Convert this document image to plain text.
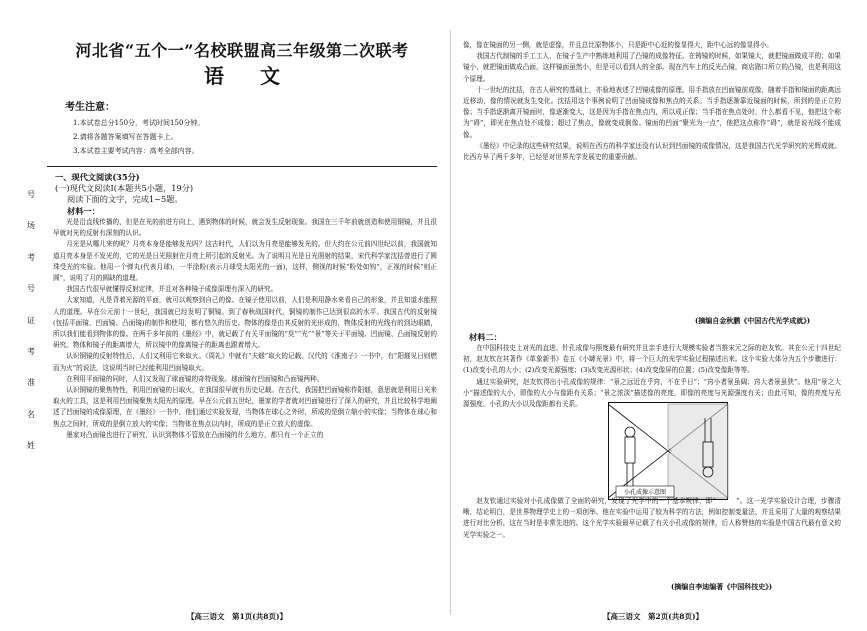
号
场
考
号
证
考
准
名
姓
河北省“五个一”名校联盟高三年级第二次联考
语文
考生注意：
1.本试卷总分150分，考试时间150分钟。
2.请将各题答案填写在答题卡上。
3.本试卷主要考试内容：高考全部内容。
一、现代文阅读(35分)
(一)现代文阅读Ⅰ(本题共5小题，19分)
阅读下面的文字，完成1~5题。
材料一：

光是沿直线传播的，但是在光的前进方向上，遇到物体的时候，就会发生反射现象。我国在三千年前就创造和使用铜镜，并且很早就对光的反射有深刻的认识。

月光是从哪儿来的呢？月亮本身是能够发光吗？这古时代，人们以为月亮是能够发光的。但大约在公元前四世纪以前，我国就知道月亮本身是不发光的，它的光是日光照射在月亮上所引起的反射光。为了说明月光是日光照射的结果，宋代科学家沈括曾进行了圆珠受光的实验。他用一个弹丸(代表月球)，一半涂粉(表示月球受太阳光的一面)，这样，侧视的时候“粉处如钩”，正视的时候“则正圆”，说明了月的圆缺的道理。

我国古代很早就懂得反射定律，并且对各种镜子成像原理有深入的研究。

大家知道，凡是背着光源的平面，就可以观察到自己的像。在镜子使用以前，人们是利用静水来看自己的形象，并且知道水能照人的道理。早在公元前十一世纪，我国就已经发明了铜镜。到了春秋战国时代，铜镜的制作已达到很高的水平。我国古代的反射镜(包括平面镜、凹面镜、凸面镜)的制作和使用，都有悠久的历史。物体的像是由其反射的光形成的，物体反射的光线有的到达眼睛，所以我们能看到物体的像。在两千多年前的《墨经》中，就记载了有关平面镜的“臭”“光”“景”等关于平面镜、凹面镜、凸面镜反射的研究。物体和镜子的距离增大，所以镜中的像离镜子的距离也跟着增大。

认识铜镜的反射特性后，人们又利用它来取火。《周礼》中就有“夫燧”取火的记载。汉代的《淮南子》一书中，有“阳燧见日则燃而为火”的说法，这说明当时已经能利用凹面镜取火。

在利用平面镜的同时，人们又发现了球面镜的奇特现象。球面镜有凹面镜和凸面镜两种。

认识铜镜的聚焦特性，利用凹面镜的日取火，在我国很早就有历史记载。在古代，我国把凹面镜称作阳燧，意思就是利用日光来取火的工具，这是利用凹面镜聚焦太阳光的原理。早在公元前五世纪，墨家的学者就对凹面镜进行了深入的研究，并且比较科学地阐述了凹面镜的成像原理，在《墨经》一书中，他们通过实验发现，当物体在球心之外时，所成的是倒立缩小的实像；当物体在球心和焦点之间时，所成的是倒立放大的实像；当物体在焦点以内时，所成的是正立放大的虚像。

墨家对凸面镜也进行了研究，认识到物体不管放在凸面镜的什么地方，都只有一个正立的

【高三语文　第1页(共8页)】

像，像在镜面的另一侧，就是虚像，并且总比原物体小，只是距中心近的像显得大，距中心远的像显得小。

我国古代制镜的手工工人，在镜子生产中熟练地利用了凸镜的成像特征。在铸镜的时候，如果镜大，就把镜面做成平的；如果镜小，就把镜面做成凸面，这样镜面虽然小，但是可以看到人的全部。现在汽车上的反光凸镜，商店路口所立的凸镜，也是利用这个原理。

十一世纪的沈括，在古人研究的基础上，亦验地表述了凹镜成像的原理。用手指放在凹面镜前成像，随着手指和镜面的距离远近移动，像的情况就发生变化。沈括用这个事例说明了凹面镜成像和焦点的关系。当手指逐渐靠近镜面的时候，所到的是正立的像；当手指逐渐离开镜面时，像逐渐变大，这是因为手指在焦点内，所以成正像；当手指在焦点处时，什么都看不见，他把这个称为“碍”，即光在焦点处不成像；超过了焦点，像就变成倒像。镜面的凹面“聚光为一点”，他把这点称作“碍”，就是说光线不能成像。

《墨经》中记录的这些研究结果，说明在西方的科学家还没有认识到凹面镜的成像情况，这是我国古代光学研究的光辉成就。比西方早了两千多年，已经是对世界光学发展史的重要贡献。

(摘编自金秋鹏《中国古代光学成就》)
材料二：

在中国科技史上对光的直进、针孔成像与照度最有研究并且亲手进行大规模实验者当推宋元之际的赵友钦。其在公元十四世纪初，赵友钦在其著作《革象新书》卷五《小罅光景》中，将一个巨大的光学实验过程描述出来。这个实验大体分为五个步骤进行：(1)改变小孔的大小；(2)改变光源强度；(3)改变光源形状；(4)改变像屏的位置；(5)改变像距等等。

通过实验研究，赵友钦得出小孔成像的规律：“景之远近在乎窍，不在乎日”；“窍小者景虽阔；窍大者景虽狭”。他用“景之大小”描述像的大小，即像的大小与像距有关系；“景之浓淡”描述像的亮度，即像的亮度与光源强度有关；由此可知，像的亮度与光源强度、小孔的大小以及像距都有关系。

小孔成像示意图

赵友钦通过实验对小孔成像做了全面的研究，发现了光学中的一个基本规律，即“　　　”。这一光学实验设计合理，步骤清晰，结论明白，是世界物理学史上的一项创举。他在实验中运用了较为科学的方法，例如控制变量法，并且采用了大量的观察结果进行对比分析，这在当时是非常先进的。这个光学实验最早记载了有关小孔成像的规律，后人称赞他的实验是中国古代最有意义的光学实验之一。

(摘编自李迪编著《中国科技史》)
【高三语文　第2页(共8页)】
